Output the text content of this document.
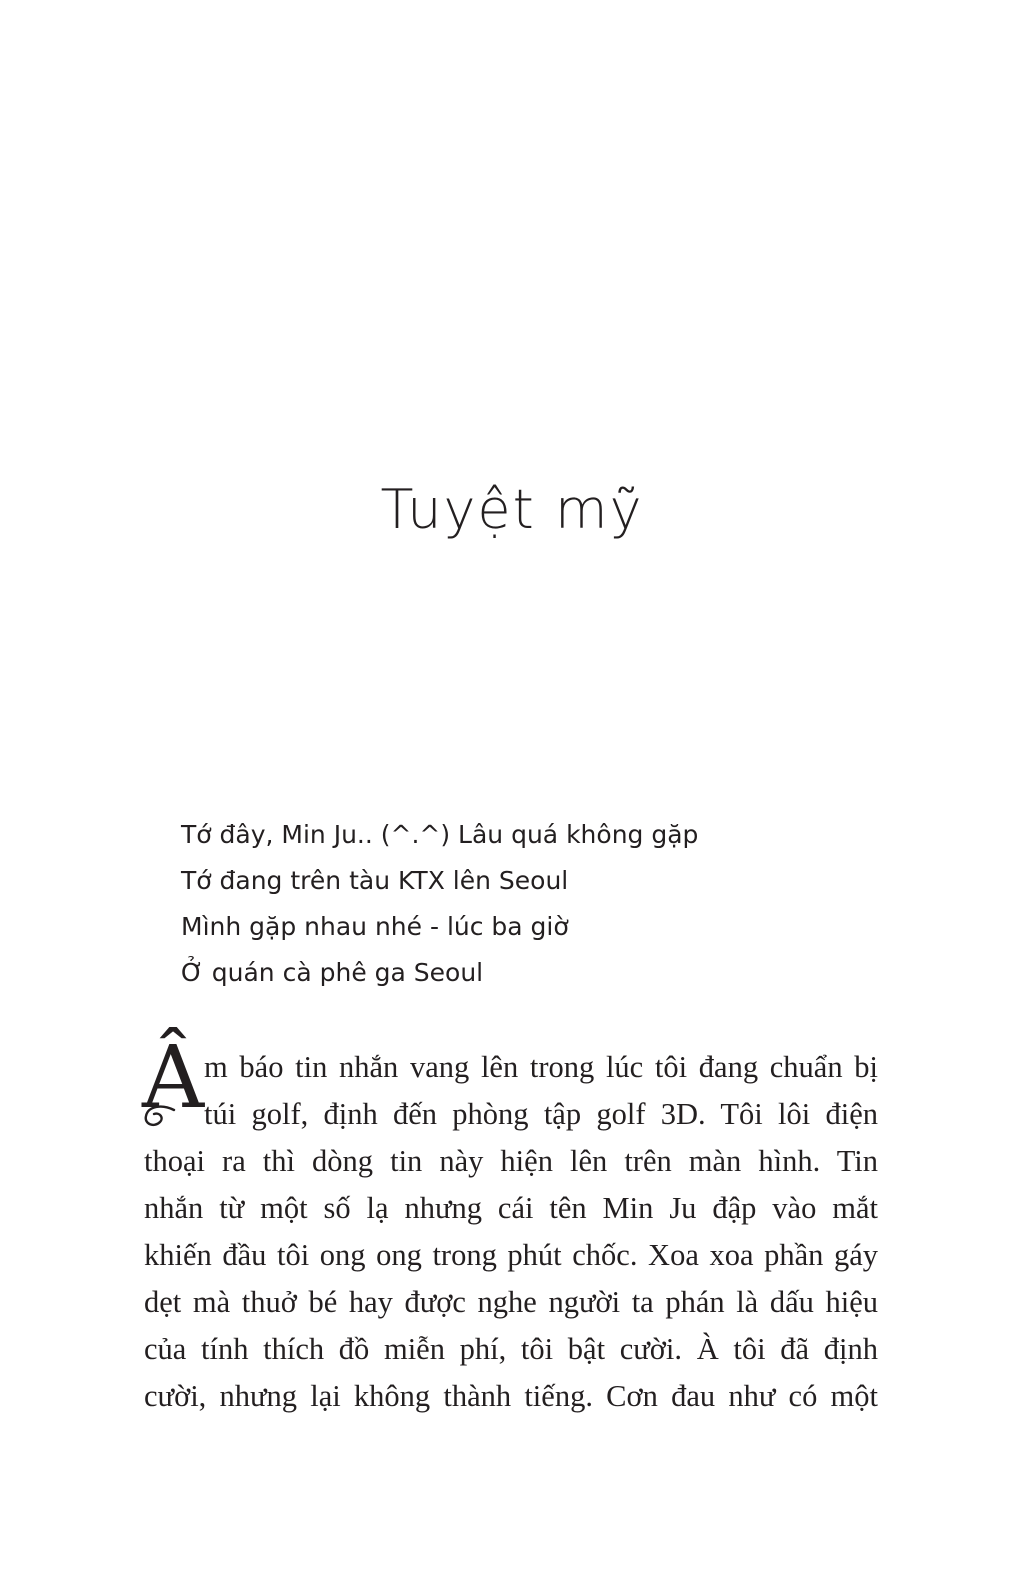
Tuyệt mỹ
Tớ đây, Min Ju.. (^.^) Lâu quá không gặp
Tớ đang trên tàu KTX lên Seoul
Mình gặp nhau nhé - lúc ba giờ
Ở quán cà phê ga Seoul
Â m báo tin nhắn vang lên trong lúc tôi đang chuẩn bị
túi golf, định đến phòng tập golf 3D. Tôi lôi điện
thoại ra thì dòng tin này hiện lên trên màn hình. Tin
nhắn từ một số lạ nhưng cái tên Min Ju đập vào mắt
khiến đầu tôi ong ong trong phút chốc. Xoa xoa phần gáy
dẹt mà thuở bé hay được nghe người ta phán là dấu hiệu
của tính thích đồ miễn phí, tôi bật cười. À tôi đã định
cười, nhưng lại không thành tiếng. Cơn đau như có một
